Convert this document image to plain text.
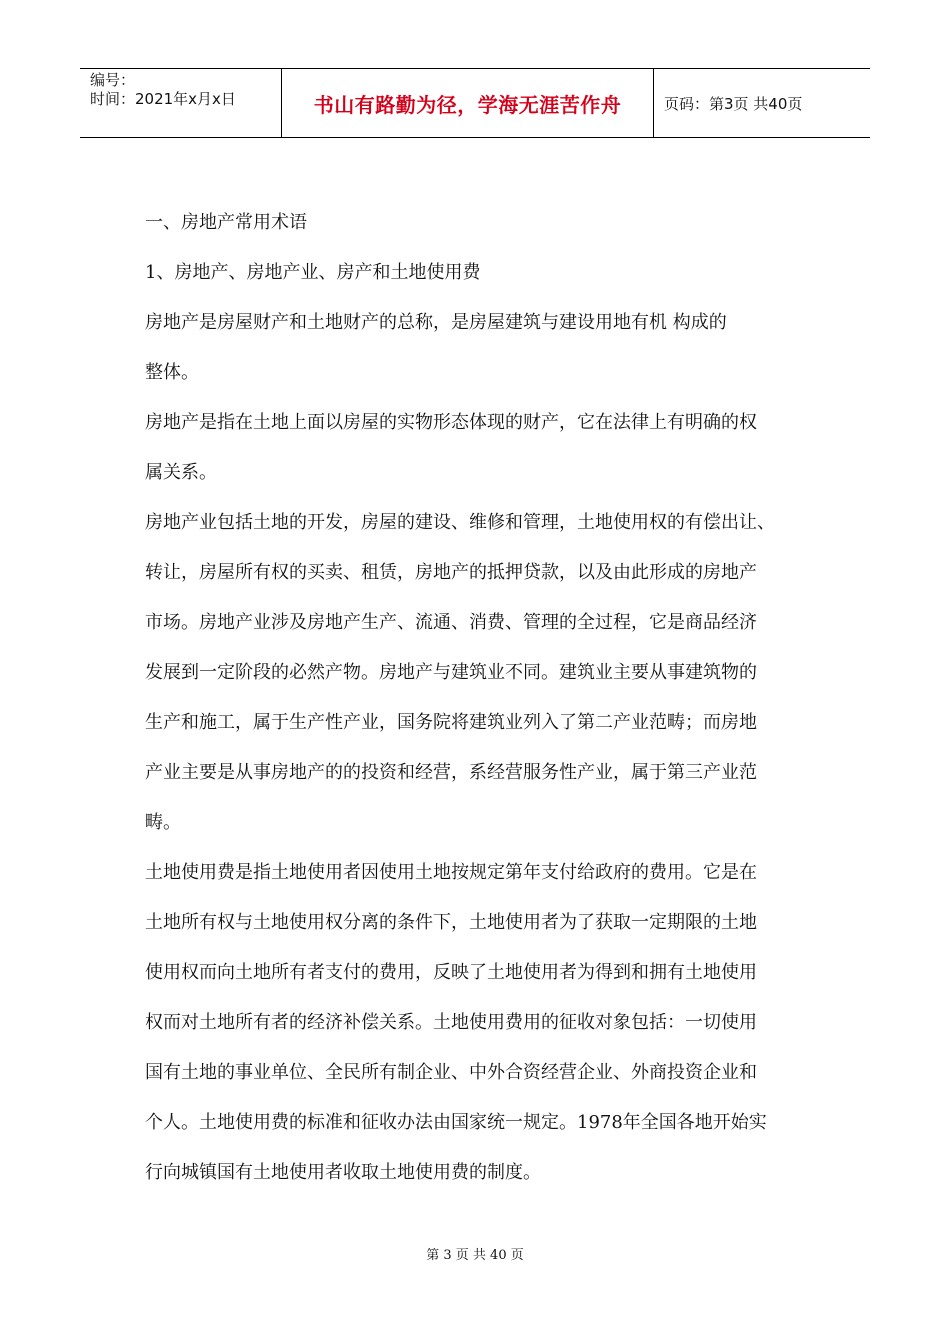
编号：
时间：2021年x月x日	书山有路勤为径，学海无涯苦作舟	页码：第3页 共40页
一、房地产常用术语
1、房地产、房地产业、房产和土地使用费
房地产是房屋财产和土地财产的总称，是房屋建筑与建设用地有机 构成的
整体。
房地产是指在土地上面以房屋的实物形态体现的财产，它在法律上有明确的权
属关系。
房地产业包括土地的开发，房屋的建设、维修和管理，土地使用权的有偿出让、
转让，房屋所有权的买卖、租赁，房地产的抵押贷款，以及由此形成的房地产
市场。房地产业涉及房地产生产、流通、消费、管理的全过程，它是商品经济
发展到一定阶段的必然产物。房地产与建筑业不同。建筑业主要从事建筑物的
生产和施工，属于生产性产业，国务院将建筑业列入了第二产业范畴；而房地
产业主要是从事房地产的的投资和经营，系经营服务性产业，属于第三产业范
畴。
土地使用费是指土地使用者因使用土地按规定第年支付给政府的费用。它是在
土地所有权与土地使用权分离的条件下，土地使用者为了获取一定期限的土地
使用权而向土地所有者支付的费用，反映了土地使用者为得到和拥有土地使用
权而对土地所有者的经济补偿关系。土地使用费用的征收对象包括：一切使用
国有土地的事业单位、全民所有制企业、中外合资经营企业、外商投资企业和
个人。土地使用费的标准和征收办法由国家统一规定。1978年全国各地开始实
行向城镇国有土地使用者收取土地使用费的制度。
第 3 页 共 40 页
